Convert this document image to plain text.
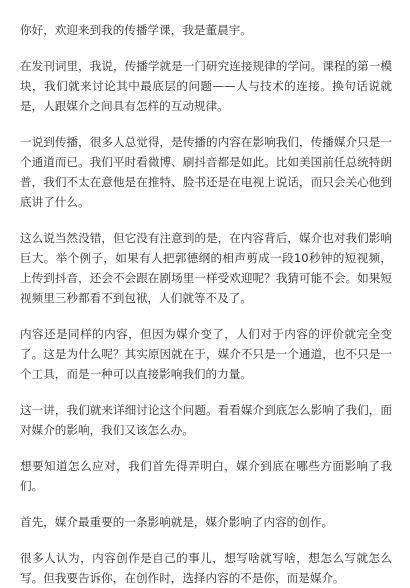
你好，欢迎来到我的传播学课，我是董晨宇。

在发刊词里，我说，传播学就是一门研究连接规律的学问。课程的第一模块，我们就来讨论其中最底层的问题——人与技术的连接。换句话说就是，人跟媒介之间具有怎样的互动规律。

一说到传播，很多人总觉得，是传播的内容在影响我们，传播媒介只是一个通道而已。我们平时看微博、刷抖音都是如此。比如美国前任总统特朗普，我们不太在意他是在推特、脸书还是在电视上说话，而只会关心他到底讲了什么。

这么说当然没错，但它没有注意到的是，在内容背后，媒介也对我们影响巨大。举个例子，如果有人把郭德纲的相声剪成一段10秒钟的短视频，上传到抖音，还会不会跟在剧场里一样受欢迎呢？我猜可能不会。如果短视频里三秒都看不到包袱，人们就等不及了。

内容还是同样的内容，但因为媒介变了，人们对于内容的评价就完全变了。这是为什么呢？其实原因就在于，媒介不只是一个通道，也不只是一个工具，而是一种可以直接影响我们的力量。

这一讲，我们就来详细讨论这个问题。看看媒介到底怎么影响了我们，面对媒介的影响，我们又该怎么办。

想要知道怎么应对，我们首先得弄明白，媒介到底在哪些方面影响了我们。

首先，媒介最重要的一条影响就是，媒介影响了内容的创作。

很多人认为，内容创作是自己的事儿，想写啥就写啥，想怎么写就怎么写。但我要告诉你，在创作时，选择内容的不是你，而是媒介。
